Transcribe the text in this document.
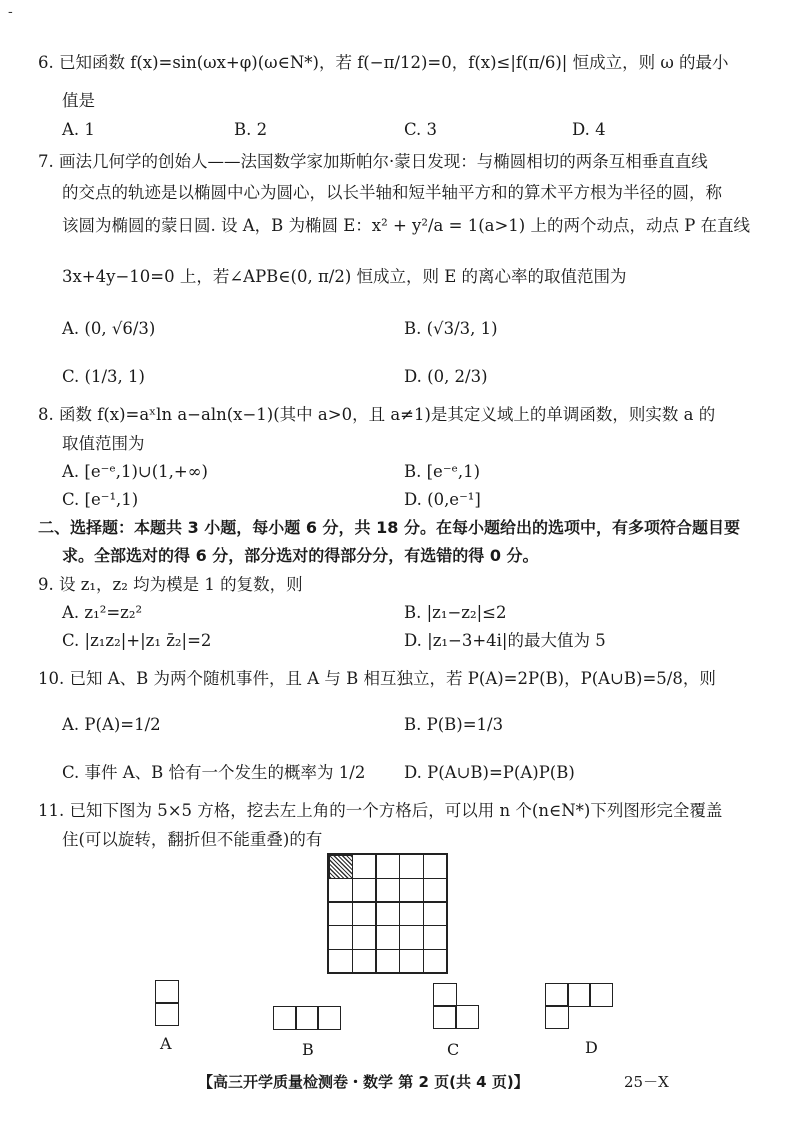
-
6. 已知函数 f(x)=sin(ωx+φ)(ω∈N*)，若 f(−π/12)=0，f(x)≤|f(π/6)| 恒成立，则 ω 的最小
值是
A. 1	B. 2	C. 3	D. 4
7. 画法几何学的创始人——法国数学家加斯帕尔·蒙日发现：与椭圆相切的两条互相垂直直线
的交点的轨迹是以椭圆中心为圆心，以长半轴和短半轴平方和的算术平方根为半径的圆，称
该圆为椭圆的蒙日圆. 设 A，B 为椭圆 E：x² + y²/a = 1(a>1) 上的两个动点，动点 P 在直线
3x+4y−10=0 上，若∠APB∈(0, π/2) 恒成立，则 E 的离心率的取值范围为
A. (0, √6/3)	B. (√3/3, 1)
C. (1/3, 1)	D. (0, 2/3)
8. 函数 f(x)=aˣln a−aln(x−1)(其中 a>0，且 a≠1)是其定义域上的单调函数，则实数 a 的
取值范围为
A. [e⁻ᵉ,1)∪(1,+∞)	B. [e⁻ᵉ,1)
C. [e⁻¹,1)	D. (0,e⁻¹]
二、选择题：本题共 3 小题，每小题 6 分，共 18 分。在每小题给出的选项中，有多项符合题目要
求。全部选对的得 6 分，部分选对的得部分分，有选错的得 0 分。
9. 设 z₁，z₂ 均为模是 1 的复数，则
A. z₁²=z₂²	B. |z₁−z₂|≤2
C. |z₁z₂|+|z₁ z̄₂|=2	D. |z₁−3+4i|的最大值为 5
10. 已知 A、B 为两个随机事件，且 A 与 B 相互独立，若 P(A)=2P(B)，P(A∪B)=5/8，则
A. P(A)=1/2	B. P(B)=1/3
C. 事件 A、B 恰有一个发生的概率为 1/2 D. P(A∪B)=P(A)P(B)
11. 已知下图为 5×5 方格，挖去左上角的一个方格后，可以用 n 个(n∈N*)下列图形完全覆盖
住(可以旋转，翻折但不能重叠)的有
A	B	C	D
【高三开学质量检测卷・数学 第 2 页(共 4 页)】	25－X
